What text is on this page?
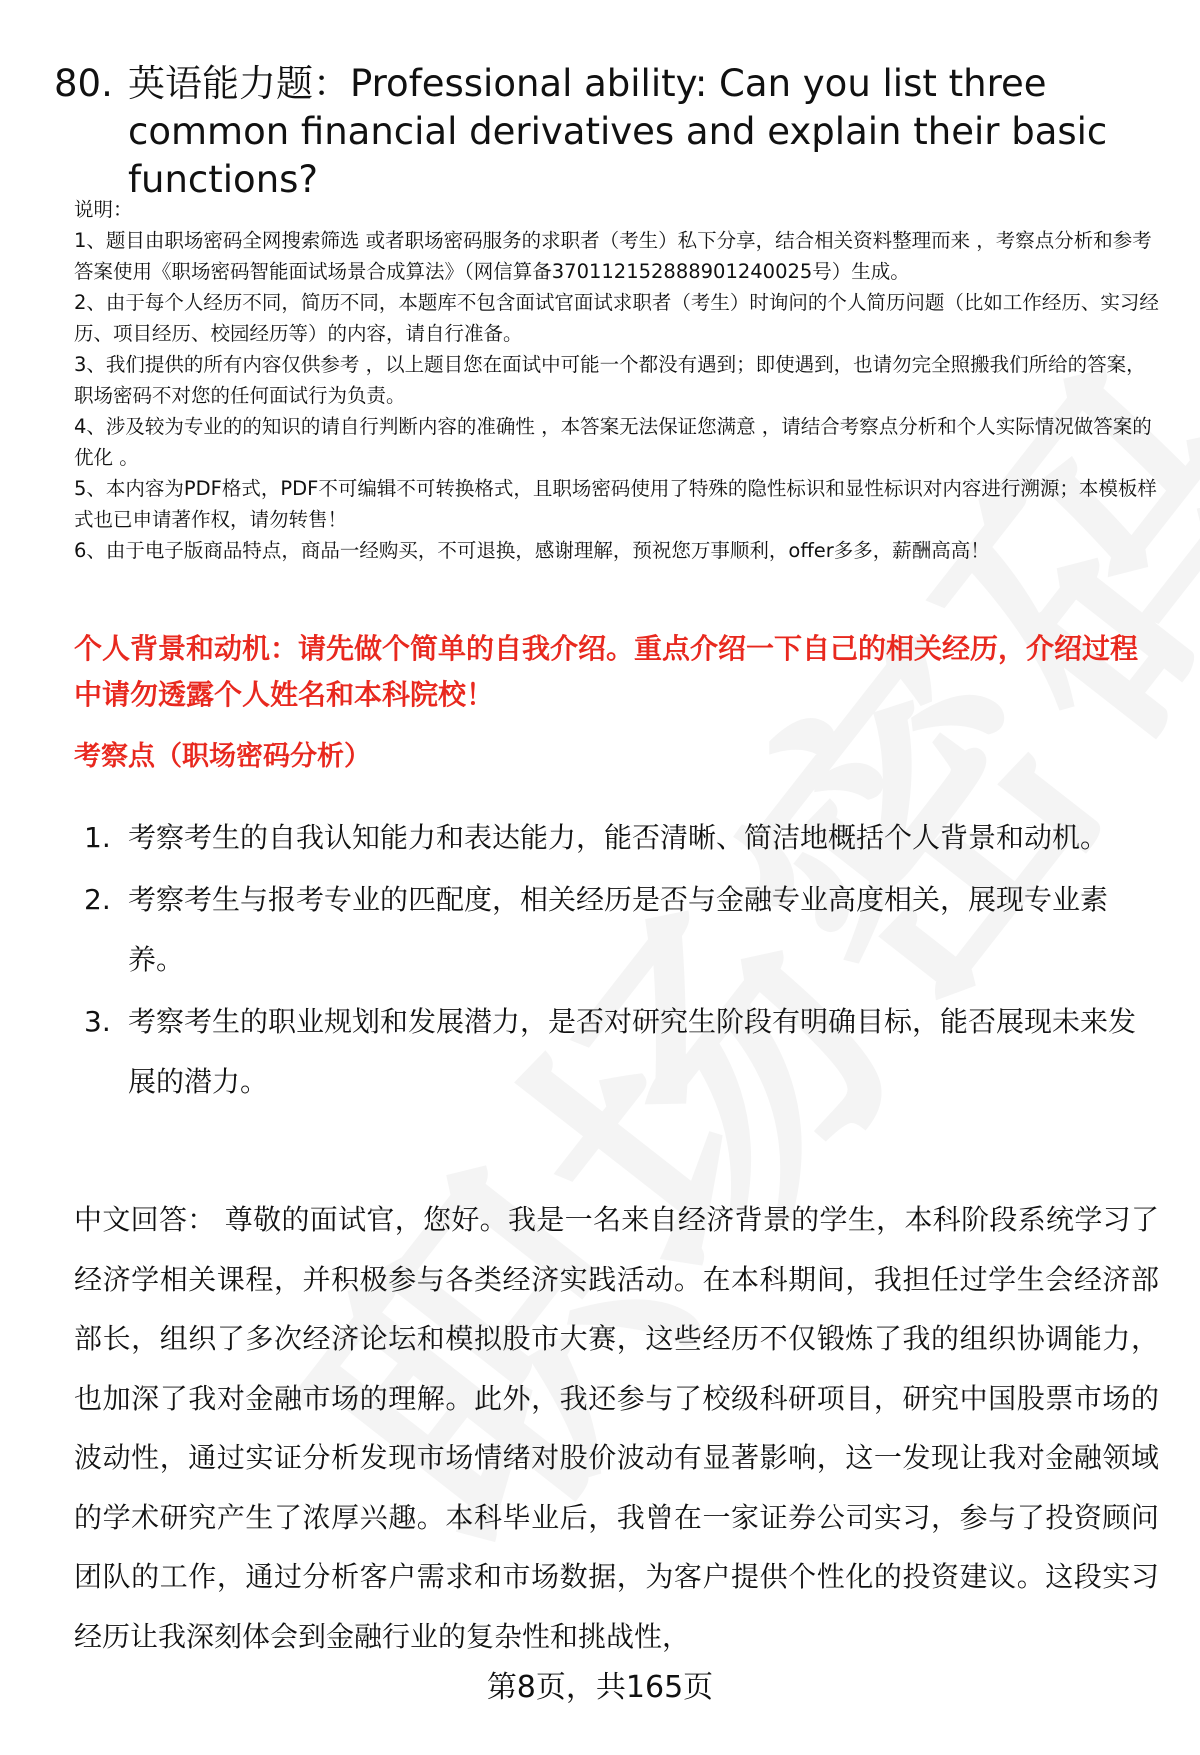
80. 英语能力题：Professional ability: Can you list three common financial derivatives and explain their basic functions?

说明：

1、题目由职场密码全网搜索筛选 或者职场密码服务的求职者（考生）私下分享，结合相关资料整理而来 ，考察点分析和参考答案使用《职场密码智能面试场景合成算法》（网信算备370112152888901240025号）生成。

2、由于每个人经历不同，简历不同，本题库不包含面试官面试求职者（考生）时询问的个人简历问题（比如工作经历、实习经历、项目经历、校园经历等）的内容，请自行准备。

3、我们提供的所有内容仅供参考 ，以上题目您在面试中可能一个都没有遇到；即使遇到，也请勿完全照搬我们所给的答案，职场密码不对您的任何面试行为负责。

4、涉及较为专业的的知识的请自行判断内容的准确性 ，本答案无法保证您满意 ，请结合考察点分析和个人实际情况做答案的优化 。

5、本内容为PDF格式，PDF不可编辑不可转换格式，且职场密码使用了特殊的隐性标识和显性标识对内容进行溯源；本模板样式也已申请著作权，请勿转售！

6、由于电子版商品特点，商品一经购买，不可退换，感谢理解，预祝您万事顺利，offer多多，薪酬高高！

个人背景和动机：请先做个简单的自我介绍。重点介绍一下自己的相关经历，介绍过程中请勿透露个人姓名和本科院校！
考察点（职场密码分析）
1. 考察考生的自我认知能力和表达能力，能否清晰、简洁地概括个人背景和动机。
2. 考察考生与报考专业的匹配度，相关经历是否与金融专业高度相关，展现专业素养。
3. 考察考生的职业规划和发展潜力，是否对研究生阶段有明确目标，能否展现未来发展的潜力。

中文回答： 尊敬的面试官，您好。我是一名来自经济背景的学生，本科阶段系统学习了经济学相关课程，并积极参与各类经济实践活动。在本科期间，我担任过学生会经济部部长，组织了多次经济论坛和模拟股市大赛，这些经历不仅锻炼了我的组织协调能力，也加深了我对金融市场的理解。此外，我还参与了校级科研项目，研究中国股票市场的波动性，通过实证分析发现市场情绪对股价波动有显著影响，这一发现让我对金融领域的学术研究产生了浓厚兴趣。本科毕业后，我曾在一家证券公司实习，参与了投资顾问团队的工作，通过分析客户需求和市场数据，为客户提供个性化的投资建议。这段实习经历让我深刻体会到金融行业的复杂性和挑战性，

第8页，共165页
